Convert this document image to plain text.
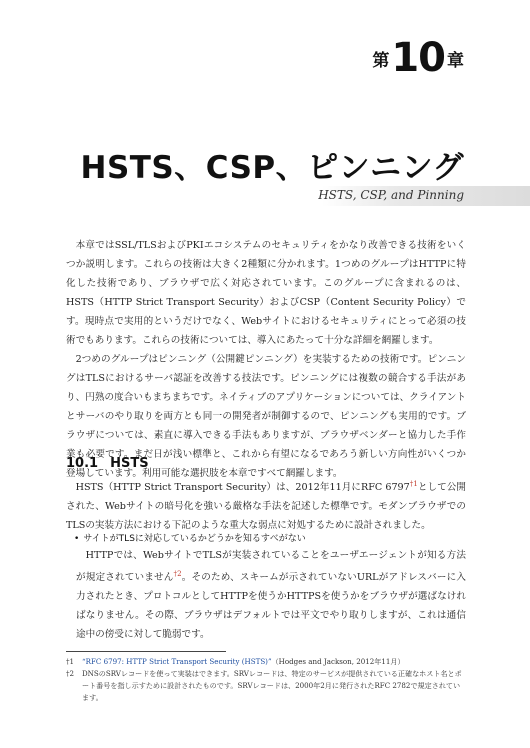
第 10 章
HSTS、CSP、ピンニング
HSTS, CSP, and Pinning

本章ではSSL/TLSおよびPKIエコシステムのセキュリティをかなり改善できる技術をいくつか説明します。これらの技術は大きく2種類に分かれます。1つめのグループはHTTPに特化した技術であり、ブラウザで広く対応されています。このグループに含まれるのは、HSTS（HTTP Strict Transport Security）およびCSP（Content Security Policy）です。現時点で実用的というだけでなく、Webサイトにおけるセキュリティにとって必須の技術でもあります。これらの技術については、導入にあたって十分な詳細を網羅します。

2つめのグループはピンニング（公開鍵ピンニング）を実装するための技術です。ピンニングはTLSにおけるサーバ認証を改善する技法です。ピンニングには複数の競合する手法があり、円熟の度合いもまちまちです。ネイティブのアプリケーションについては、クライアントとサーバのやり取りを両方とも同一の開発者が制御するので、ピンニングも実用的です。ブラウザについては、素直に導入できる手法もありますが、ブラウザベンダーと協力した手作業も必要です。まだ日が浅い標準と、これから有望になるであろう新しい方向性がいくつか登場しています。利用可能な選択肢を本章ですべて網羅します。

10.1 HSTS

HSTS（HTTP Strict Transport Security）は、2012年11月にRFC 6797$^{\dagger 1}$として公開された、Webサイトの暗号化を強いる厳格な手法を記述した標準です。モダンブラウザでのTLSの実装方法における下記のような重大な弱点に対処するために設計されました。

• サイトがTLSに対応しているかどうかを知るすべがない

HTTPでは、WebサイトでTLSが実装されていることをユーザエージェントが知る方法が規定されていません$^{\dagger 2}$。そのため、スキームが示されていないURLがアドレスバーに入力されたとき、プロトコルとしてHTTPを使うかHTTPSを使うかをブラウザが選ばなければなりません。その際、ブラウザはデフォルトでは平文でやり取りしますが、これは通信途中の傍受に対して脆弱です。

†1	“RFC 6797: HTTP Strict Transport Security (HSTS)”（Hodges and Jackson, 2012年11月）
†2	DNSのSRVレコードを使って実装はできます。SRVレコードは、特定のサービスが提供されている正確なホスト名とポート番号を指し示すために設計されたものです。SRVレコードは、2000年2月に発行されたRFC 2782で規定されています。
